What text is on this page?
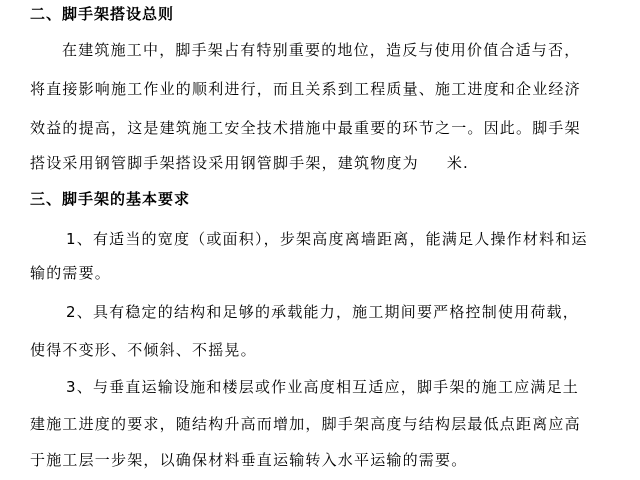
二、脚手架搭设总则
在建筑施工中，脚手架占有特别重要的地位，造反与使用价值合适与否，
将直接影响施工作业的顺利进行，而且关系到工程质量、施工进度和企业经济
效益的提高，这是建筑施工安全技术措施中最重要的环节之一。因此。脚手架
搭设采用钢管脚手架搭设采用钢管脚手架，建筑物度为 米.
三、脚手架的基本要求
1、有适当的宽度（或面积），步架高度离墙距离，能满足人操作材料和运
输的需要。
2、具有稳定的结构和足够的承载能力，施工期间要严格控制使用荷载，
使得不变形、不倾斜、不摇晃。
3、与垂直运输设施和楼层或作业高度相互适应，脚手架的施工应满足土
建施工进度的要求，随结构升高而增加，脚手架高度与结构层最低点距离应高
于施工层一步架，以确保材料垂直运输转入水平运输的需要。
